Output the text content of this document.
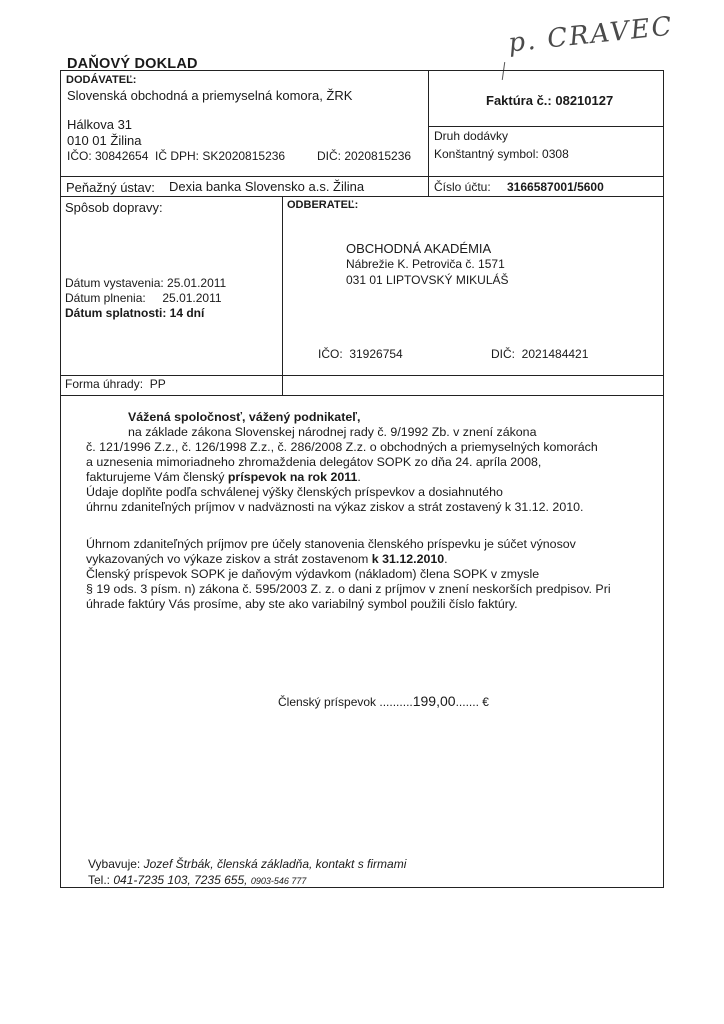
DAŇOVÝ DOKLAD
p. CRAVEC
DODÁVATEĽ:
Slovenská obchodná a priemyselná komora, ŽRK
Hálkova 31
010 01 Žilina
IČO: 30842654 IČ DPH: SK2020815236	DIČ: 2020815236
Faktúra č.: 08210127
Druh dodávky
Konštantný symbol: 0308
Peňažný ústav: Dexia banka Slovensko a.s. Žilina	Číslo účtu: 3166587001/5600
Spôsob dopravy:
Dátum vystavenia: 25.01.2011
Dátum plnenia:     25.01.2011
Dátum splatnosti: 14 dní
ODBERATEĽ:
OBCHODNÁ AKADÉMIA
Nábrežie K. Petroviča č. 1571
031 01 LIPTOVSKÝ MIKULÁŠ
IČO:  31926754	DIČ:  2021484421
Forma úhrady:  PP
Vážená spoločnosť, vážený podnikateľ,
na základe zákona Slovenskej národnej rady č. 9/1992 Zb. v znení zákona
č. 121/1996 Z.z., č. 126/1998 Z.z., č. 286/2008 Z.z. o obchodných a priemyselných komorách
a uznesenia mimoriadneho zhromaždenia delegátov SOPK zo dňa 24. apríla 2008,
fakturujeme Vám členský príspevok na rok 2011.
Údaje doplňte podľa schválenej výšky členských príspevkov a dosiahnutého
úhrnu zdaniteľných príjmov v nadväznosti na výkaz ziskov a strát zostavený k 31.12. 2010.
Úhrnom zdaniteľných príjmov pre účely stanovenia členského príspevku je súčet výnosov
vykazovaných vo výkaze ziskov a strát zostavenom k 31.12.2010.
Členský príspevok SOPK je daňovým výdavkom (nákladom) člena SOPK v zmysle
§ 19 ods. 3 písm. n) zákona č. 595/2003 Z. z. o dani z príjmov v znení neskorších predpisov. Pri
úhrade faktúry Vás prosíme, aby ste ako variabilný symbol použili číslo faktúry.
Členský príspevok ..........199,00....... €
Vybavuje: Jozef Štrbák, členská základňa, kontakt s firmami
Tel.: 041-7235 103, 7235 655, 0903-546 777
